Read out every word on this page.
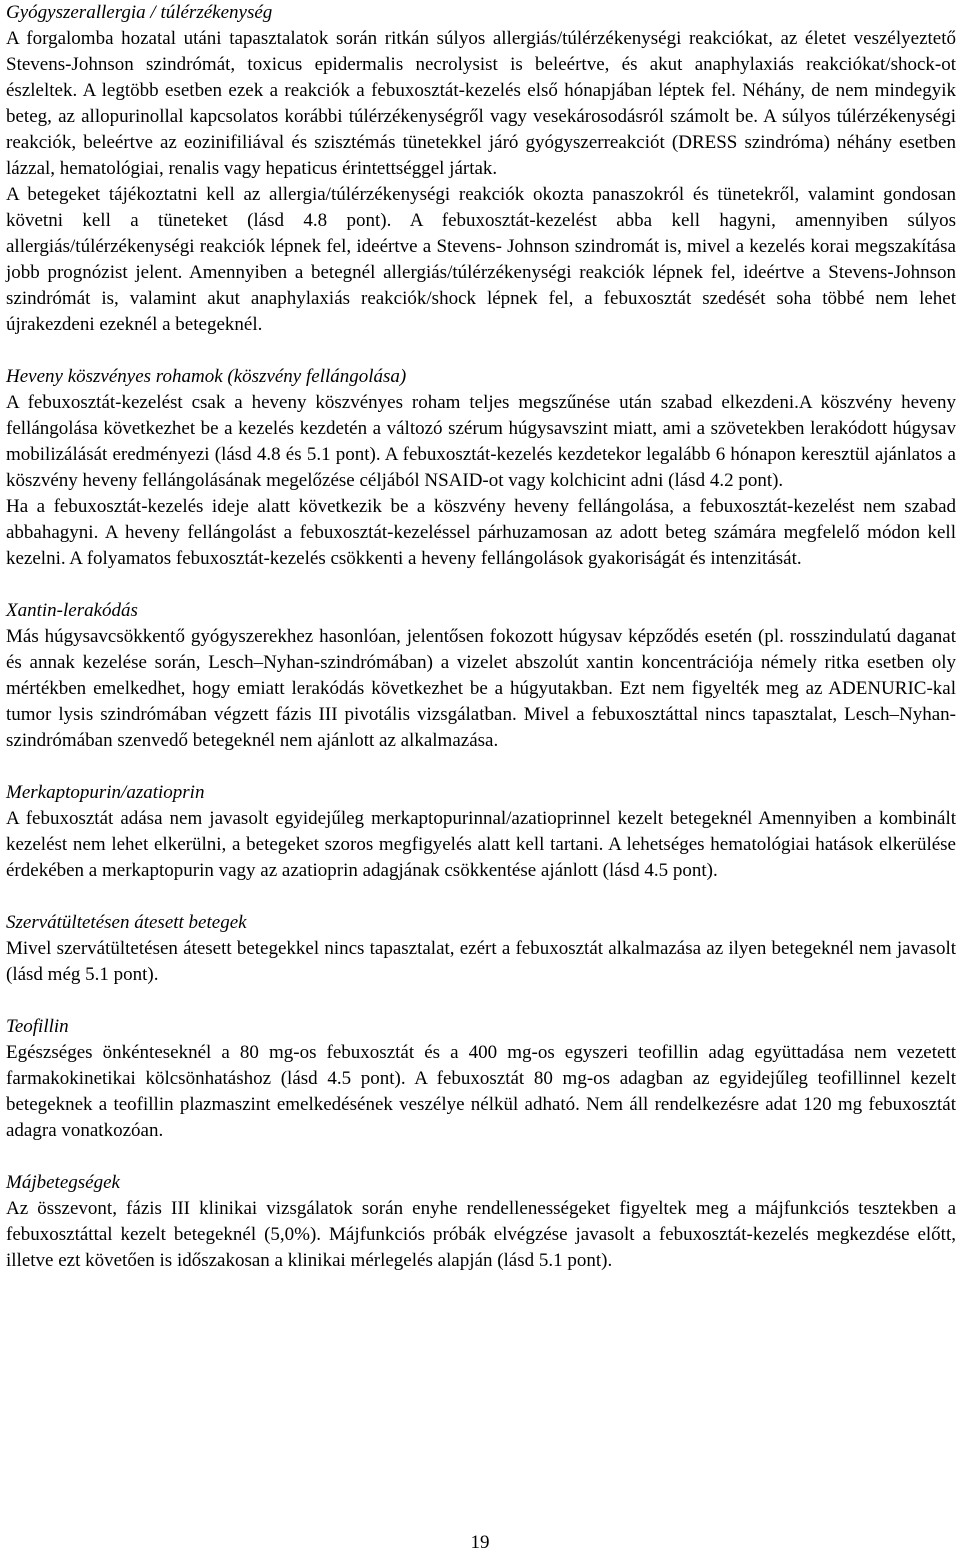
Gyógyszerallergia / túlérzékenység

A forgalomba hozatal utáni tapasztalatok során ritkán súlyos allergiás/túlérzékenységi reakciókat, az életet veszélyeztető Stevens-Johnson szindrómát, toxicus epidermalis necrolysist is beleértve, és akut anaphylaxiás reakciókat/shock-ot észleltek. A legtöbb esetben ezek a reakciók a febuxosztát-kezelés első hónapjában léptek fel. Néhány, de nem mindegyik beteg, az allopurinollal kapcsolatos korábbi túlérzékenységről vagy vesekárosodásról számolt be. A súlyos túlérzékenységi reakciók, beleértve az eozinifiliával és szisztémás tünetekkel járó gyógyszerreakciót (DRESS szindróma) néhány esetben lázzal, hematológiai, renalis vagy hepaticus érintettséggel jártak.

A betegeket tájékoztatni kell az allergia/túlérzékenységi reakciók okozta panaszokról és tünetekről, valamint gondosan követni kell a tüneteket (lásd 4.8 pont). A febuxosztát-kezelést abba kell hagyni, amennyiben súlyos allergiás/túlérzékenységi reakciók lépnek fel, ideértve a Stevens- Johnson szindromát is, mivel a kezelés korai megszakítása jobb prognózist jelent. Amennyiben a betegnél allergiás/túlérzékenységi reakciók lépnek fel, ideértve a Stevens-Johnson szindrómát is, valamint akut anaphylaxiás reakciók/shock lépnek fel, a febuxosztát szedését soha többé nem lehet újrakezdeni ezeknél a betegeknél.

Heveny köszvényes rohamok (köszvény fellángolása)

A febuxosztát-kezelést csak a heveny köszvényes roham teljes megszűnése után szabad elkezdeni.A köszvény heveny fellángolása következhet be a kezelés kezdetén a változó szérum húgysavszint miatt, ami a szövetekben lerakódott húgysav mobilizálását eredményezi (lásd 4.8 és 5.1 pont). A febuxosztát-kezelés kezdetekor legalább 6 hónapon keresztül ajánlatos a köszvény heveny fellángolásának megelőzése céljából NSAID-ot vagy kolchicint adni (lásd 4.2 pont).

Ha a febuxosztát-kezelés ideje alatt következik be a köszvény heveny fellángolása, a febuxosztát-kezelést nem szabad abbahagyni. A heveny fellángolást a febuxosztát-kezeléssel párhuzamosan az adott beteg számára megfelelő módon kell kezelni. A folyamatos febuxosztát-kezelés csökkenti a heveny fellángolások gyakoriságát és intenzitását.

Xantin-lerakódás

Más húgysavcsökkentő gyógyszerekhez hasonlóan, jelentősen fokozott húgysav képződés esetén (pl. rosszindulatú daganat és annak kezelése során, Lesch–Nyhan-szindrómában) a vizelet abszolút xantin koncentrációja némely ritka esetben oly mértékben emelkedhet, hogy emiatt lerakódás következhet be a húgyutakban. Ezt nem figyelték meg az ADENURIC-kal tumor lysis szindrómában végzett fázis III pivotális vizsgálatban. Mivel a febuxosztáttal nincs tapasztalat, Lesch–Nyhan-szindrómában szenvedő betegeknél nem ajánlott az alkalmazása.

Merkaptopurin/azatioprin

A febuxosztát adása nem javasolt egyidejűleg merkaptopurinnal/azatioprinnel kezelt betegeknél Amennyiben a kombinált kezelést nem lehet elkerülni, a betegeket szoros megfigyelés alatt kell tartani. A lehetséges hematológiai hatások elkerülése érdekében a merkaptopurin vagy az azatioprin adagjának csökkentése ajánlott (lásd 4.5 pont).

Szervátültetésen átesett betegek

Mivel szervátültetésen átesett betegekkel nincs tapasztalat, ezért a febuxosztát alkalmazása az ilyen betegeknél nem javasolt (lásd még 5.1 pont).

Teofillin

Egészséges önkénteseknél a 80 mg-os febuxosztát és a 400 mg-os egyszeri teofillin adag együttadása nem vezetett farmakokinetikai kölcsönhatáshoz (lásd 4.5 pont). A febuxosztát 80 mg-os adagban az egyidejűleg teofillinnel kezelt betegeknek a teofillin plazmaszint emelkedésének veszélye nélkül adható. Nem áll rendelkezésre adat 120 mg febuxosztát adagra vonatkozóan.

Májbetegségek

Az összevont, fázis III klinikai vizsgálatok során enyhe rendellenességeket figyeltek meg a májfunkciós tesztekben a febuxosztáttal kezelt betegeknél (5,0%). Májfunkciós próbák elvégzése javasolt a febuxosztát-kezelés megkezdése előtt, illetve ezt követően is időszakosan a klinikai mérlegelés alapján (lásd 5.1 pont).

19
